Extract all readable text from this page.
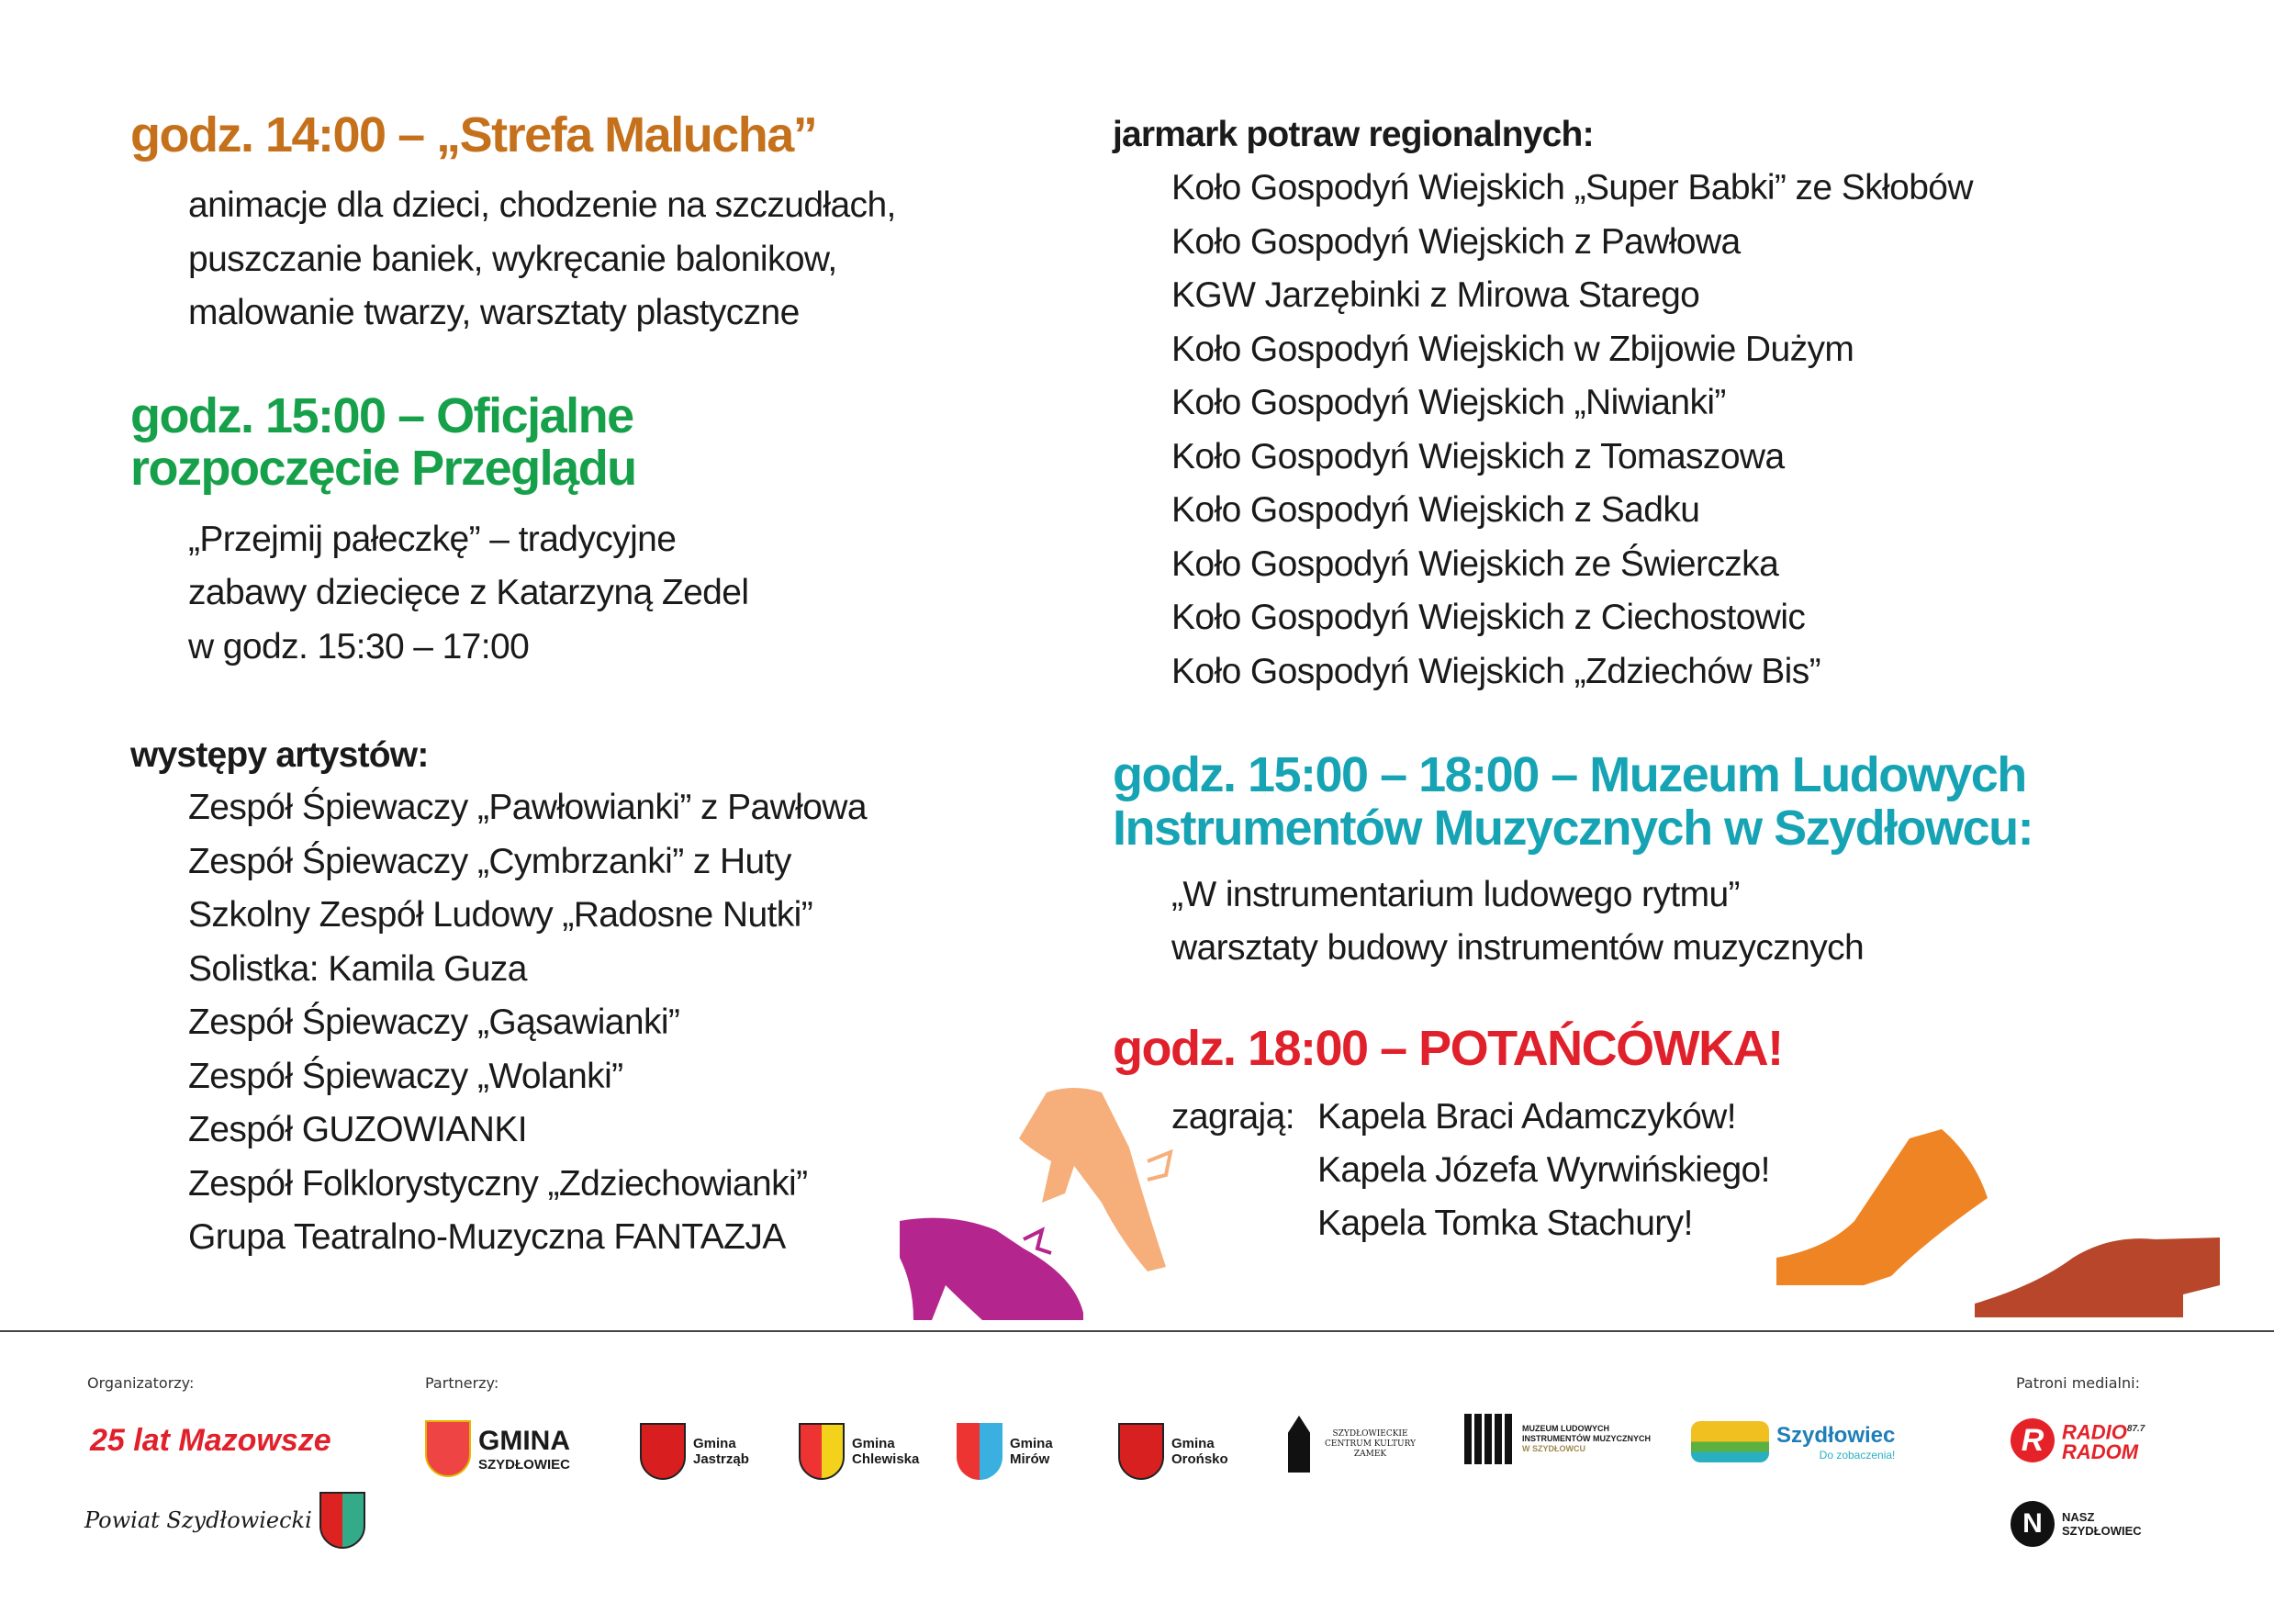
godz. 14:00 – „Strefa Malucha”
animacje dla dzieci, chodzenie na szczudłach,
puszczanie baniek, wykręcanie balonikow,
malowanie twarzy, warsztaty plastyczne
godz. 15:00 – Oficjalne
rozpoczęcie Przeglądu
„Przejmij pałeczkę” – tradycyjne
zabawy dziecięce z Katarzyną Zedel
w godz. 15:30 – 17:00
występy artystów:
Zespół Śpiewaczy „Pawłowianki” z Pawłowa
Zespół Śpiewaczy „Cymbrzanki” z Huty
Szkolny Zespół Ludowy „Radosne Nutki”
Solistka: Kamila Guza
Zespół Śpiewaczy „Gąsawianki”
Zespół Śpiewaczy „Wolanki”
Zespół GUZOWIANKI
Zespół Folklorystyczny „Zdziechowianki”
Grupa Teatralno-Muzyczna FANTAZJA
jarmark potraw regionalnych:
Koło Gospodyń Wiejskich „Super Babki” ze Skłobów
Koło Gospodyń Wiejskich z Pawłowa
KGW Jarzębinki z Mirowa Starego
Koło Gospodyń Wiejskich w Zbijowie Dużym
Koło Gospodyń Wiejskich „Niwianki”
Koło Gospodyń Wiejskich z Tomaszowa
Koło Gospodyń Wiejskich z Sadku
Koło Gospodyń Wiejskich ze Świerczka
Koło Gospodyń Wiejskich z Ciechostowic
Koło Gospodyń Wiejskich „Zdziechów Bis”
godz. 15:00 – 18:00 – Muzeum Ludowych
Instrumentów Muzycznych w Szydłowcu:
„W instrumentarium ludowego rytmu”
warsztaty budowy instrumentów muzycznych
godz. 18:00 – POTAŃCÓWKA!
zagrają: Kapela Braci Adamczyków!
Kapela Józefa Wyrwińskiego!
Kapela Tomka Stachury!
Organizatorzy:	Partnerzy:	Patroni medialni:
25 lat Mazowsze
Powiat Szydłowiecki
GMINA
SZYDŁOWIEC
Gmina
Jastrząb
Gmina
Chlewiska
Gmina
Mirów
Gmina
Orońsko
SZYDŁOWIECKIE
CENTRUM KULTURY
ZAMEK
MUZEUM LUDOWYCH
INSTRUMENTÓW MUZYCZNYCH
W SZYDŁOWCU
Szydłowiec
Do zobaczenia!	R $RADIO^{87.7}$
RADOM
N	NASZ
SZYDŁOWIEC
